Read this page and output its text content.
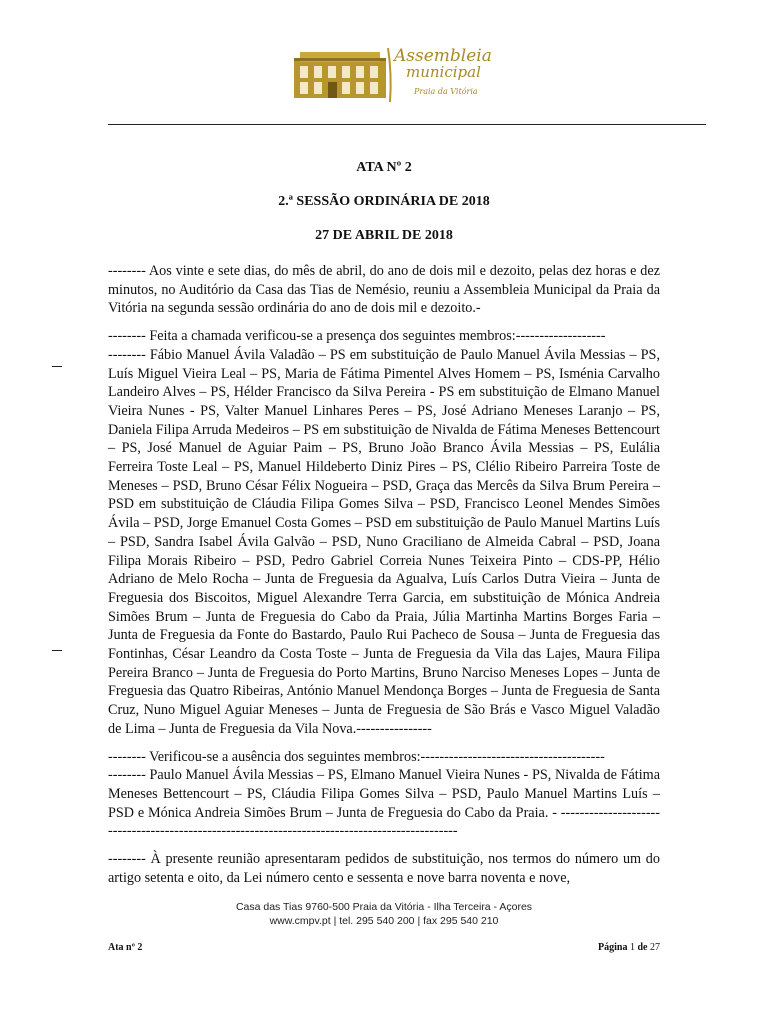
Assembleia
municipal
Praia da Vitória
ATA Nº 2
2.ª SESSÃO ORDINÁRIA DE 2018
27 DE ABRIL DE 2018

-------- Aos vinte e sete dias, do mês de abril, do ano de dois mil e dezoito, pelas dez horas e dez minutos, no Auditório da Casa das Tias de Nemésio, reuniu a Assembleia Municipal da Praia da Vitória na segunda sessão ordinária do ano de dois mil e dezoito.-

-------- Feita a chamada verificou-se a presença dos seguintes membros:-------------------

-------- Fábio Manuel Ávila Valadão – PS em substituição de Paulo Manuel Ávila Messias – PS, Luís Miguel Vieira Leal – PS, Maria de Fátima Pimentel Alves Homem – PS, Isménia Carvalho Landeiro Alves – PS, Hélder Francisco da Silva Pereira - PS em substituição de Elmano Manuel Vieira Nunes - PS, Valter Manuel Linhares Peres – PS, José Adriano Meneses Laranjo – PS, Daniela Filipa Arruda Medeiros – PS em substituição de Nivalda de Fátima Meneses Bettencourt – PS, José Manuel de Aguiar Paim – PS, Bruno João Branco Ávila Messias – PS, Eulália Ferreira Toste Leal – PS, Manuel Hildeberto Diniz Pires – PS, Clélio Ribeiro Parreira Toste de Meneses – PSD, Bruno César Félix Nogueira – PSD, Graça das Mercês da Silva Brum Pereira – PSD em substituição de Cláudia Filipa Gomes Silva – PSD, Francisco Leonel Mendes Simões Ávila – PSD, Jorge Emanuel Costa Gomes – PSD em substituição de Paulo Manuel Martins Luís – PSD, Sandra Isabel Ávila Galvão – PSD, Nuno Graciliano de Almeida Cabral – PSD, Joana Filipa Morais Ribeiro – PSD, Pedro Gabriel Correia Nunes Teixeira Pinto – CDS-PP, Hélio Adriano de Melo Rocha – Junta de Freguesia da Agualva, Luís Carlos Dutra Vieira – Junta de Freguesia dos Biscoitos, Miguel Alexandre Terra Garcia, em substituição de Mónica Andreia Simões Brum – Junta de Freguesia do Cabo da Praia, Júlia Martinha Martins Borges Faria – Junta de Freguesia da Fonte do Bastardo, Paulo Rui Pacheco de Sousa – Junta de Freguesia das Fontinhas, César Leandro da Costa Toste – Junta de Freguesia da Vila das Lajes, Maura Filipa Pereira Branco – Junta de Freguesia do Porto Martins, Bruno Narciso Meneses Lopes – Junta de Freguesia das Quatro Ribeiras, António Manuel Mendonça Borges – Junta de Freguesia de Santa Cruz, Nuno Miguel Aguiar Meneses – Junta de Freguesia de São Brás e Vasco Miguel Valadão de Lima – Junta de Freguesia da Vila Nova.----------------

-------- Verificou-se a ausência dos seguintes membros:---------------------------------------

-------- Paulo Manuel Ávila Messias – PS, Elmano Manuel Vieira Nunes - PS, Nivalda de Fátima Meneses Bettencourt – PS, Cláudia Filipa Gomes Silva – PSD, Paulo Manuel Martins Luís – PSD e Mónica Andreia Simões Brum – Junta de Freguesia do Cabo da Praia. - -----------------------------------------------------------------------------------------------

-------- À presente reunião apresentaram pedidos de substituição, nos termos do número um do artigo setenta e oito, da Lei número cento e sessenta e nove barra noventa e nove,

Casa das Tias 9760-500 Praia da Vitória - Ilha Terceira - Açores
www.cmpv.pt | tel. 295 540 200 | fax 295 540 210
Ata nº 2	Página 1 de 27
